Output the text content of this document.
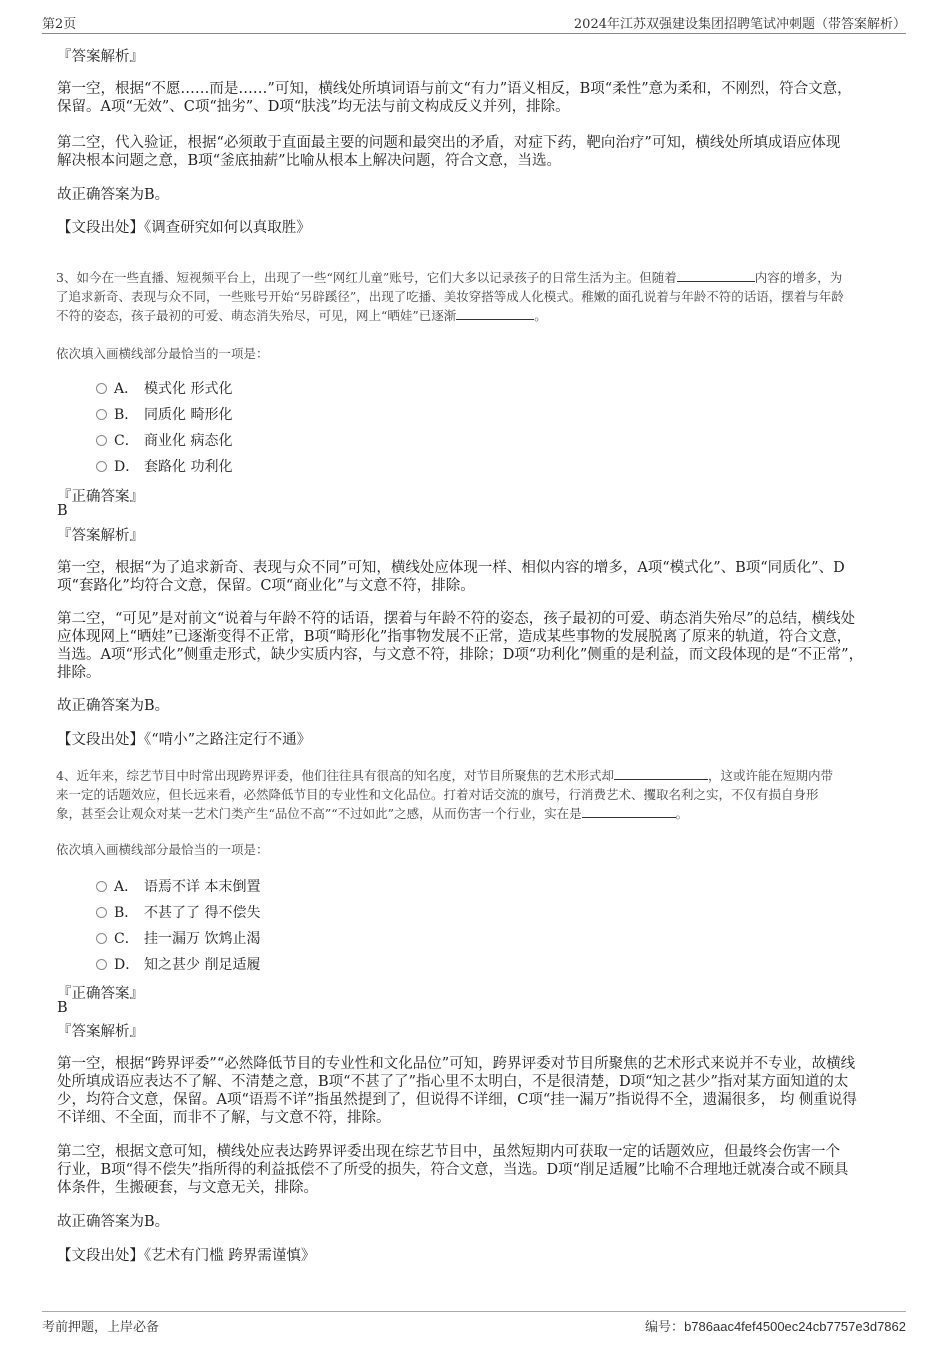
第2页	2024年江苏双强建设集团招聘笔试冲刺题（带答案解析）
『答案解析』
第一空，根据“不愿……而是……”可知，横线处所填词语与前文“有力”语义相反，B项“柔性”意为柔和，不刚烈，符合文意，
保留。A项“无效”、C项“拙劣”、D项“肤浅”均无法与前文构成反义并列，排除。
第二空，代入验证，根据“必须敢于直面最主要的问题和最突出的矛盾，对症下药，靶向治疗”可知，横线处所填成语应体现
解决根本问题之意，B项“釜底抽薪”比喻从根本上解决问题，符合文意，当选。
故正确答案为B。
【文段出处】《调查研究如何以真取胜》
3、如今在一些直播、短视频平台上，出现了一些“网红儿童”账号，它们大多以记录孩子的日常生活为主。但随着	内容的增多，为
了追求新奇、表现与众不同，一些账号开始“另辟蹊径”，出现了吃播、美妆穿搭等成人化模式。稚嫩的面孔说着与年龄不符的话语，摆着与年龄
不符的姿态，孩子最初的可爱、萌态消失殆尽，可见，网上“晒娃”已逐渐	。
依次填入画横线部分最恰当的一项是：
A． 模式化 形式化
B． 同质化 畸形化
C． 商业化 病态化
D． 套路化 功利化
『正确答案』
B
『答案解析』
第一空，根据“为了追求新奇、表现与众不同”可知，横线处应体现一样、相似内容的增多，A项“模式化”、B项“同质化”、D
项“套路化”均符合文意，保留。C项“商业化”与文意不符，排除。
第二空，“可见”是对前文“说着与年龄不符的话语，摆着与年龄不符的姿态，孩子最初的可爱、萌态消失殆尽”的总结，横线处
应体现网上“晒娃”已逐渐变得不正常，B项“畸形化”指事物发展不正常，造成某些事物的发展脱离了原来的轨道，符合文意，
当选。A项“形式化”侧重走形式，缺少实质内容，与文意不符，排除；D项“功利化”侧重的是利益，而文段体现的是“不正常”，
排除。
故正确答案为B。
【文段出处】《“啃小”之路注定行不通》
4、近年来，综艺节目中时常出现跨界评委，他们往往具有很高的知名度，对节目所聚焦的艺术形式却	，这或许能在短期内带
来一定的话题效应，但长远来看，必然降低节目的专业性和文化品位。打着对话交流的旗号，行消费艺术、攫取名利之实，不仅有损自身形
象，甚至会让观众对某一艺术门类产生“品位不高”“不过如此”之感，从而伤害一个行业，实在是	。
依次填入画横线部分最恰当的一项是：
A． 语焉不详 本末倒置
B． 不甚了了 得不偿失
C． 挂一漏万 饮鸩止渴
D． 知之甚少 削足适履
『正确答案』
B
『答案解析』
第一空，根据“跨界评委”“必然降低节目的专业性和文化品位”可知，跨界评委对节目所聚焦的艺术形式来说并不专业，故横线
处所填成语应表达不了解、不清楚之意，B项“不甚了了”指心里不太明白，不是很清楚，D项“知之甚少”指对某方面知道的太
少，均符合文意，保留。A项“语焉不详”指虽然提到了，但说得不详细，C项“挂一漏万”指说得不全，遗漏很多， 均 侧重说得
不详细、不全面，而非不了解，与文意不符，排除。
第二空，根据文意可知，横线处应表达跨界评委出现在综艺节目中，虽然短期内可获取一定的话题效应，但最终会伤害一个
行业，B项“得不偿失”指所得的利益抵偿不了所受的损失，符合文意，当选。D项“削足适履”比喻不合理地迁就凑合或不顾具
体条件，生搬硬套，与文意无关，排除。
故正确答案为B。
【文段出处】《艺术有门槛 跨界需谨慎》
考前押题，上岸必备	编号：b786aac4fef4500ec24cb7757e3d7862
